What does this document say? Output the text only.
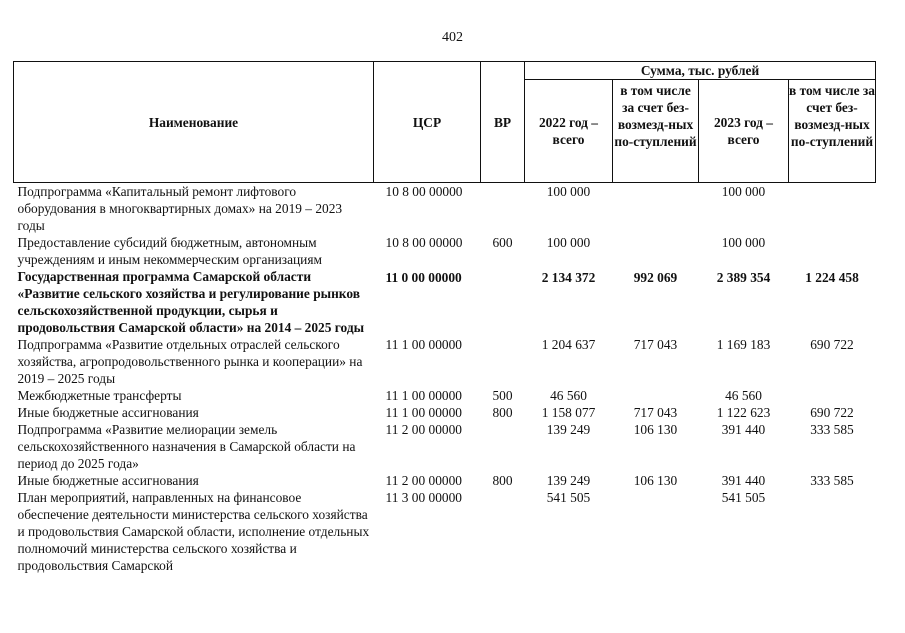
402
Наименование	ЦСР	ВР	Сумма, тыс. рублей			
			2022 год – всего	в том числе за счет без-возмезд-ных по-ступлений	2023 год – всего	в том числе за счет без-возмезд-ных по-ступлений
Подпрограмма «Капитальный ремонт лифтового оборудования в многоквартирных домах» на 2019 – 2023 годы	10 8 00 00000		100 000		100 000	
Предоставление субсидий бюджетным, автономным учреждениям и иным некоммерческим организациям	10 8 00 00000	600	100 000		100 000	
Государственная программа Самарской области «Развитие сельского хозяйства и регулирование рынков сельскохозяйственной продукции, сырья и продовольствия Самарской области» на 2014 – 2025 годы	11 0 00 00000		2 134 372	992 069	2 389 354	1 224 458
Подпрограмма «Развитие отдельных отраслей сельского хозяйства, агропродовольственного рынка и кооперации» на 2019 – 2025 годы	11 1 00 00000		1 204 637	717 043	1 169 183	690 722
Межбюджетные трансферты	11 1 00 00000	500	46 560		46 560	
Иные бюджетные ассигнования	11 1 00 00000	800	1 158 077	717 043	1 122 623	690 722
Подпрограмма «Развитие мелиорации земель сельскохозяйственного назначения в Самарской области на период до 2025 года»	11 2 00 00000		139 249	106 130	391 440	333 585
Иные бюджетные ассигнования	11 2 00 00000	800	139 249	106 130	391 440	333 585
План мероприятий, направленных на финансовое обеспечение деятельности министерства сельского хозяйства и продовольствия Самарской области, исполнение отдельных полномочий министерства сельского хозяйства и продовольствия Самарской	11 3 00 00000		541 505		541 505	
